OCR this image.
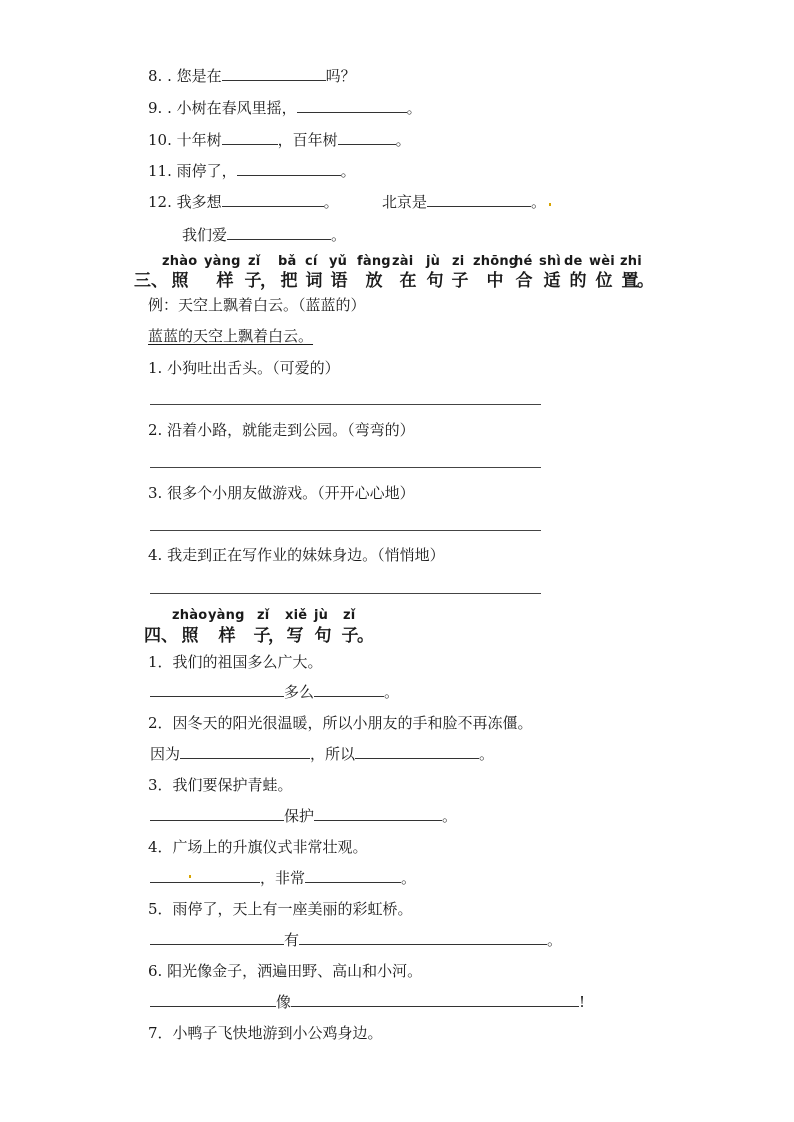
8. . 您是在	吗？
9. . 小树在春风里摇，	。
10. 十年树	，百年树	。
11. 雨停了，	。
12. 我多想	。	北京是	。
我们爱	。
三、 照 样 子
， 把 词 语 放 在 句 子 中 合 适 的 位 置
。
zhào yàng zǐ bǎ cí yǔ fàng zài jù zi zhōng
hé shì de wèi zhi
例：天空上飘着白云。（蓝蓝的）
蓝蓝的天空上飘着白云。
1. 小狗吐出舌头。（可爱的）
2. 沿着小路，就能走到公园。（弯弯的）
3. 很多个小朋友做游戏。（开开心心地）
4. 我走到正在写作业的妹妹身边。（悄悄地）
四、 照 样 子
， 写 句 子
。
zhào yàng zǐ xiě jù zǐ
1．我们的祖国多么广大。
多么	。
2．因冬天的阳光很温暖，所以小朋友的手和脸不再冻僵。
因为	，所以	。
3．我们要保护青蛙。
保护	。
4．广场上的升旗仪式非常壮观。
，非常	。
5．雨停了，天上有一座美丽的彩虹桥。
有	。
6. 阳光像金子，洒遍田野、高山和小河。
像	!
7．小鸭子飞快地游到小公鸡身边。
